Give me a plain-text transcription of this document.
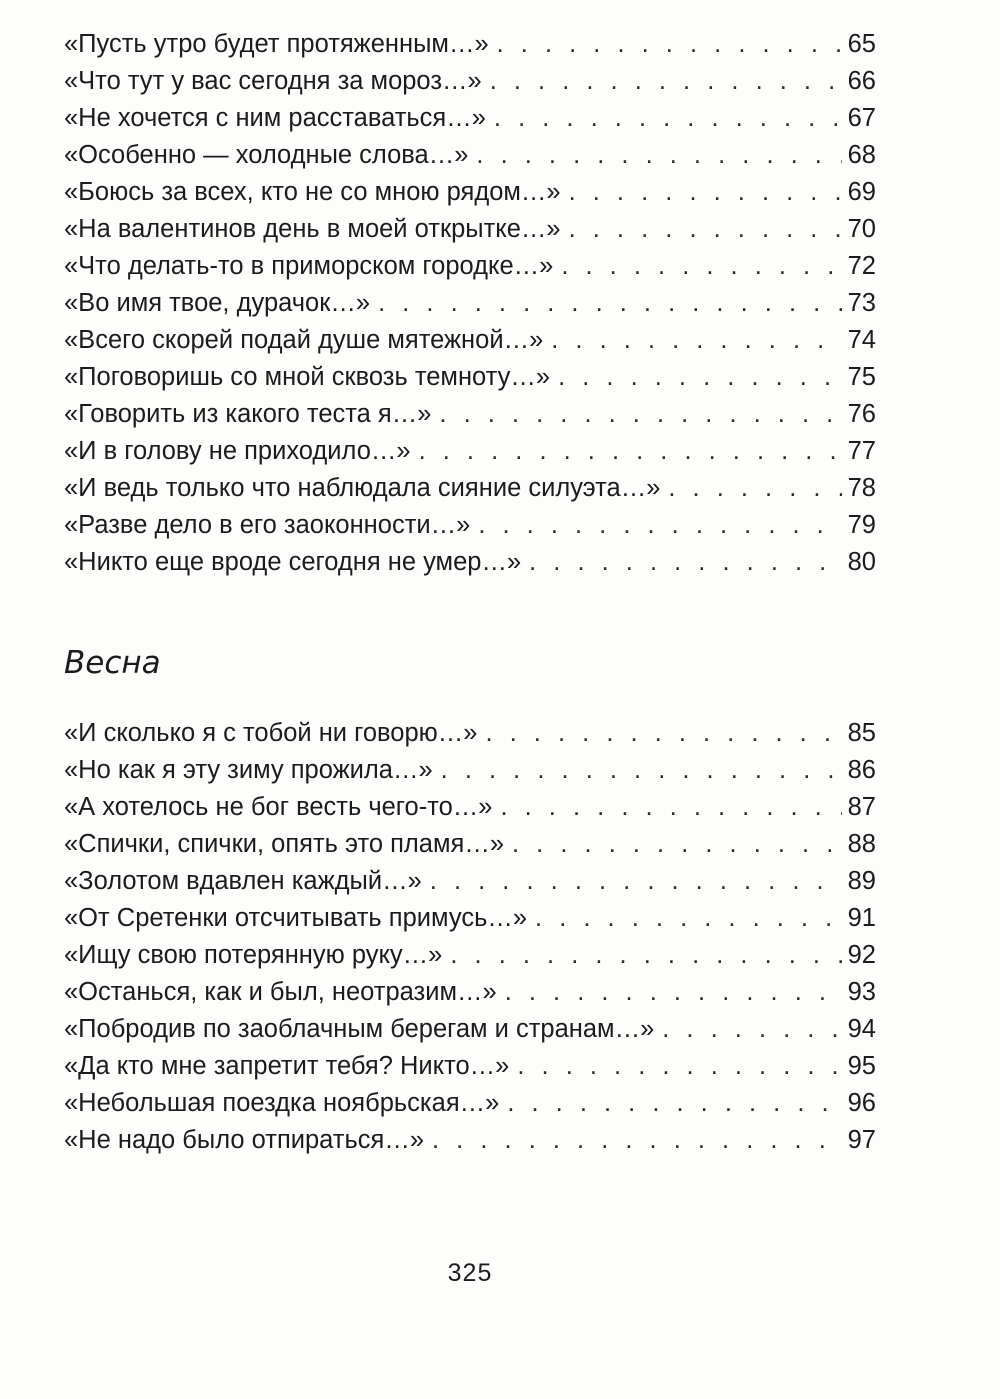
«Пусть утро будет протяженным…» . . .	65
«Что тут у вас сегодня за мороз…» . . .	66
«Не хочется с ним расставаться…» . . .	67
«Особенно — холодные слова…» . . .	68
«Боюсь за всех, кто не со мною рядом…» . . .	69
«На валентинов день в моей открытке…» . . .	70
«Что делать-то в приморском городке…» . . .	72
«Во имя твое, дурачок…» . . .	73
«Всего скорей подай душе мятежной…» . . .	74
«Поговоришь со мной сквозь темноту…» . . .	75
«Говорить из какого теста я…» . . .	76
«И в голову не приходило…» . . .	77
«И ведь только что наблюдала сияние силуэта…» . . .	78
«Разве дело в его заоконности…» . . .	79
«Никто еще вроде сегодня не умер…» . . .	80
Весна
«И сколько я с тобой ни говорю…» . . .	85
«Но как я эту зиму прожила…» . . .	86
«А хотелось не бог весть чего-то…» . . .	87
«Спички, спички, опять это пламя…» . . .	88
«Золотом вдавлен каждый…» . . .	89
«От Сретенки отсчитывать примусь…» . . .	91
«Ищу свою потерянную руку…» . . .	92
«Останься, как и был, неотразим…» . . .	93
«Побродив по заоблачным берегам и странам…» . . .	94
«Да кто мне запретит тебя? Никто…» . . .	95
«Небольшая поездка ноябрьская…» . . .	96
«Не надо было отпираться…» . . .	97
325
